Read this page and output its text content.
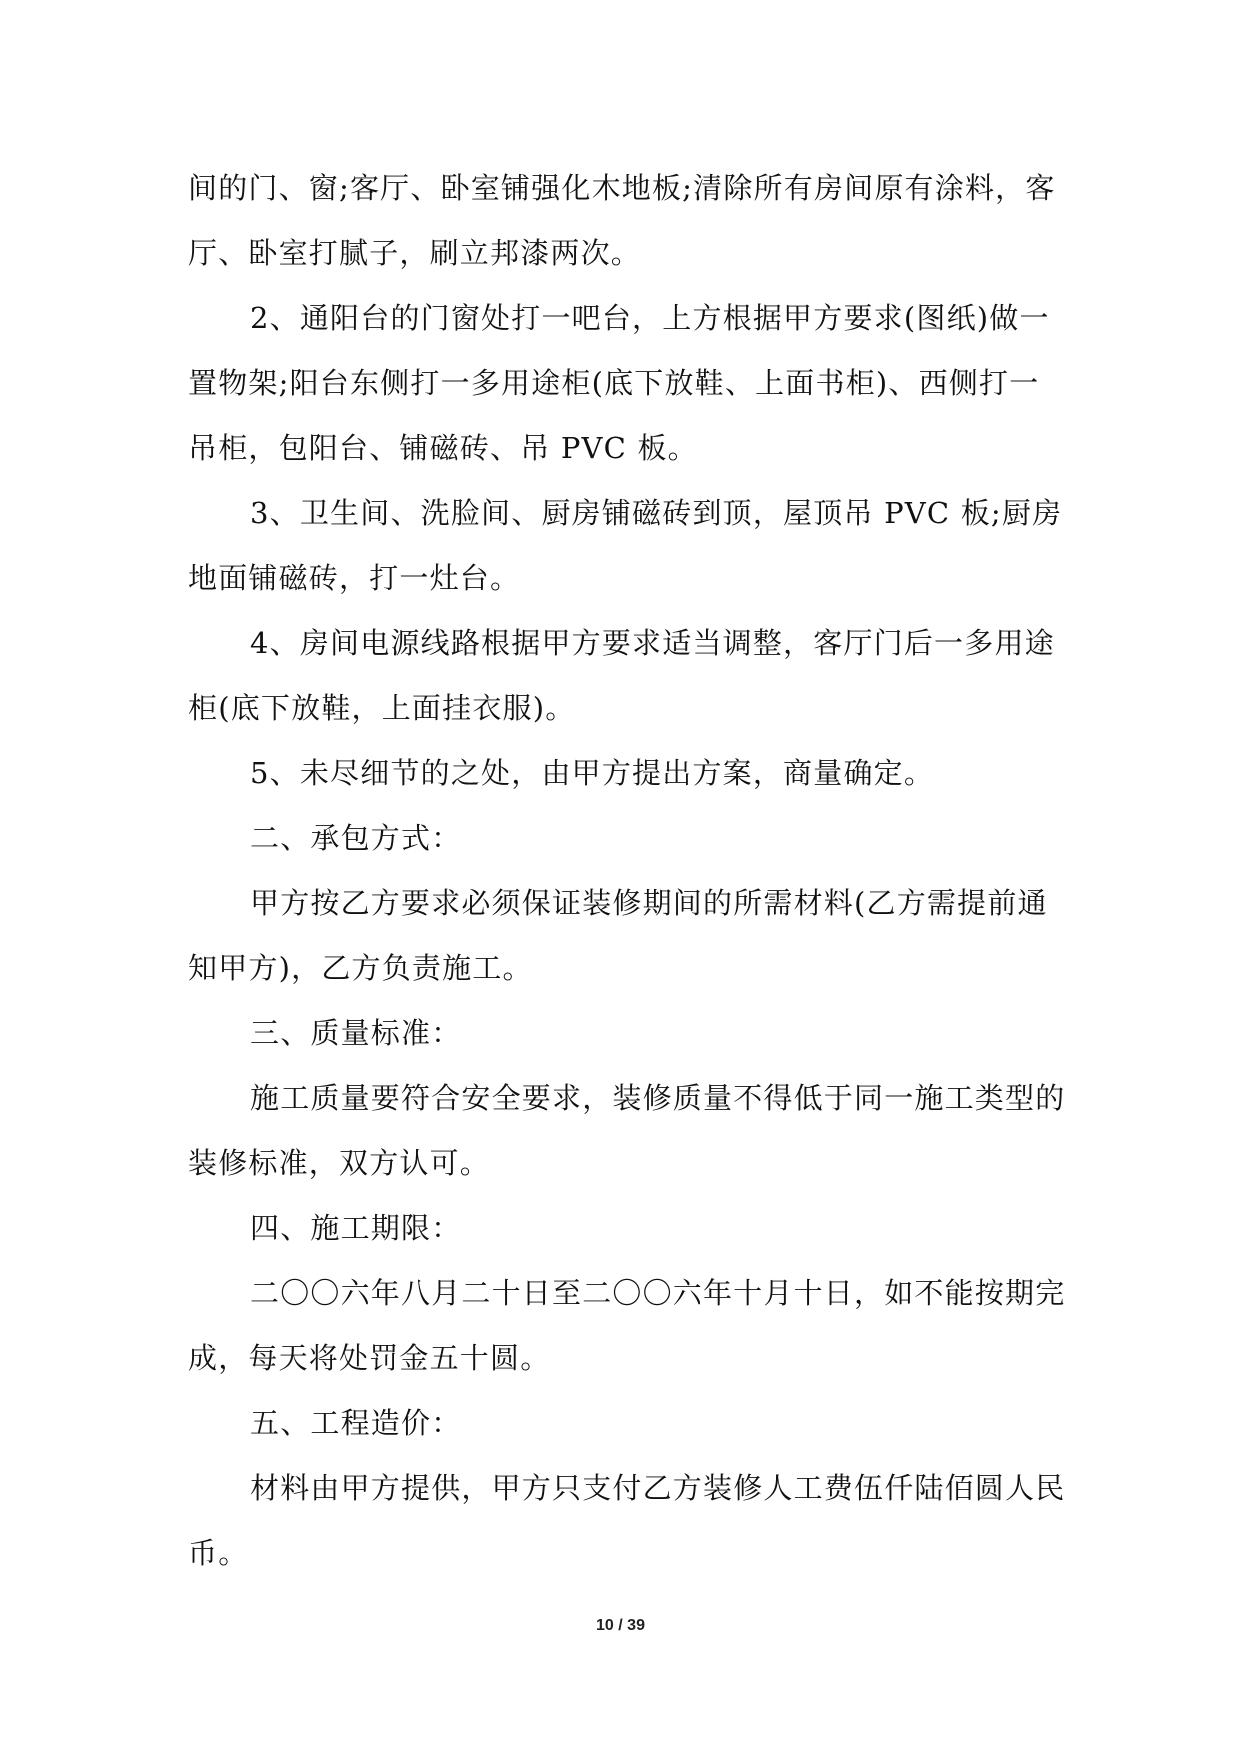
间的门、窗;客厅、卧室铺强化木地板;清除所有房间原有涂料，客厅、卧室打腻子，刷立邦漆两次。

2、通阳台的门窗处打一吧台，上方根据甲方要求(图纸)做一置物架;阳台东侧打一多用途柜(底下放鞋、上面书柜)、西侧打一吊柜，包阳台、铺磁砖、吊 PVC 板。

3、卫生间、洗脸间、厨房铺磁砖到顶，屋顶吊 PVC 板;厨房地面铺磁砖，打一灶台。

4、房间电源线路根据甲方要求适当调整，客厅门后一多用途柜(底下放鞋，上面挂衣服)。

5、未尽细节的之处，由甲方提出方案，商量确定。

二、承包方式：

甲方按乙方要求必须保证装修期间的所需材料(乙方需提前通知甲方)，乙方负责施工。

三、质量标准：

施工质量要符合安全要求，装修质量不得低于同一施工类型的装修标准，双方认可。

四、施工期限：

二〇〇六年八月二十日至二〇〇六年十月十日，如不能按期完成，每天将处罚金五十圆。

五、工程造价：

材料由甲方提供，甲方只支付乙方装修人工费伍仟陆佰圆人民币。

10 / 39
